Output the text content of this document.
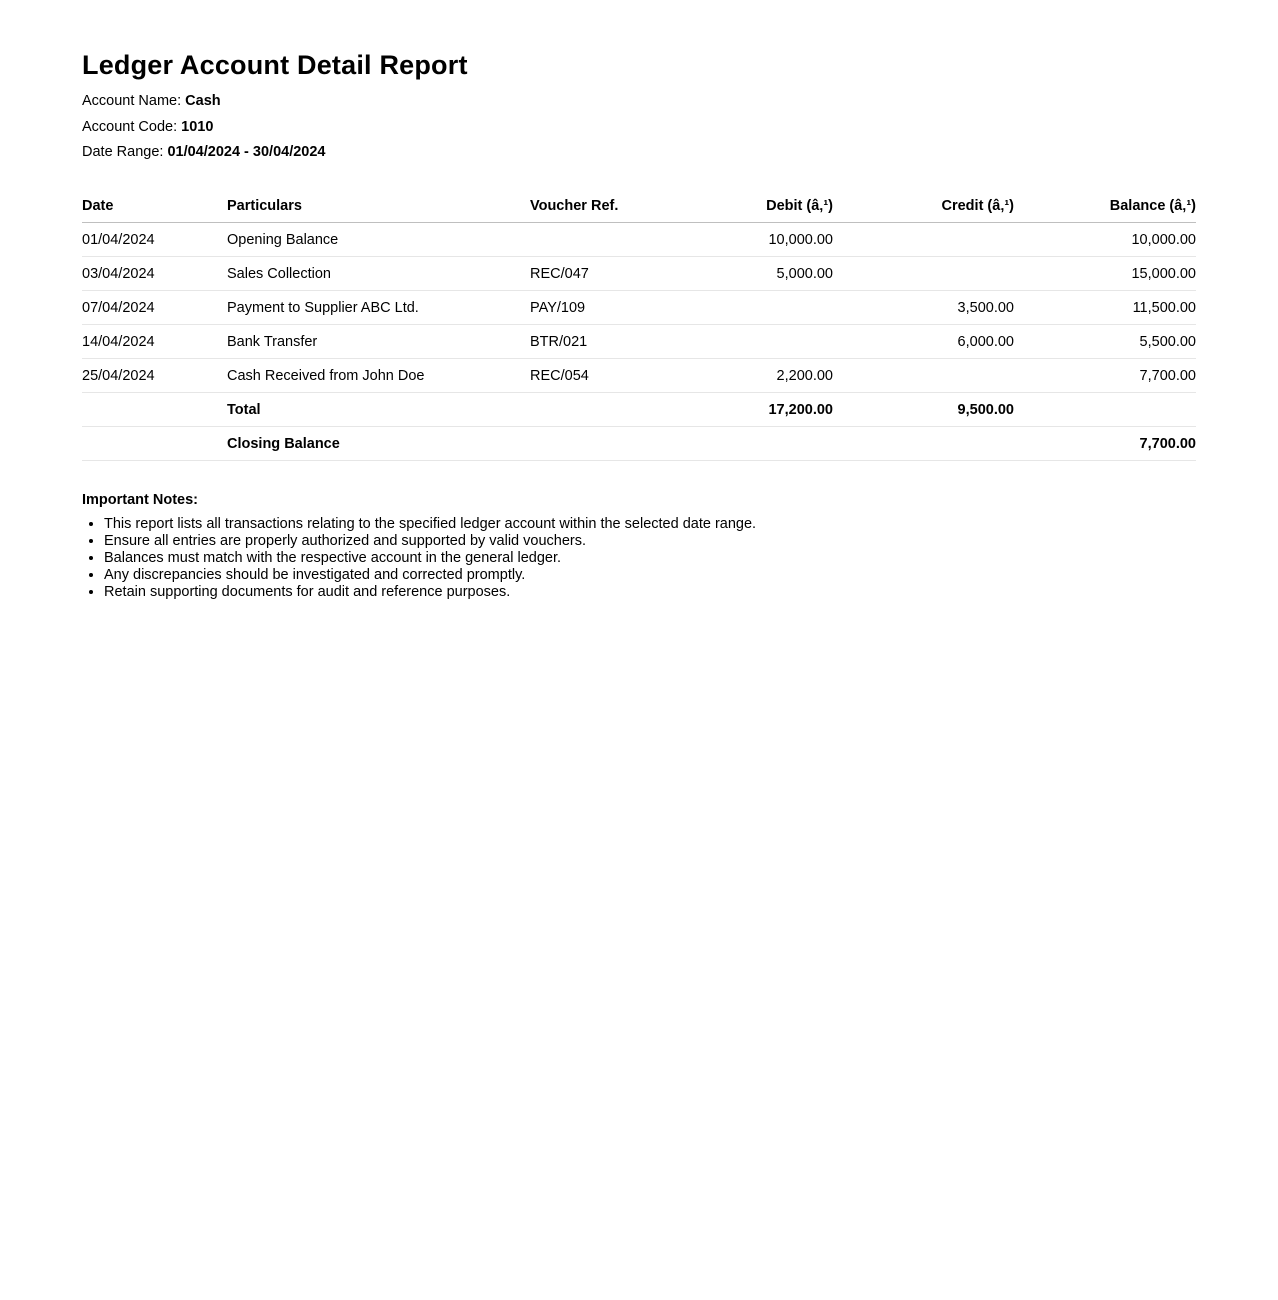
Ledger Account Detail Report
Account Name: Cash
Account Code: 1010
Date Range: 01/04/2024 - 30/04/2024
Date	Particulars	Voucher Ref.	Debit (â‚¹)	Credit (â‚¹)	Balance (â‚¹)
01/04/2024	Opening Balance		10,000.00		10,000.00
03/04/2024	Sales Collection	REC/047	5,000.00		15,000.00
07/04/2024	Payment to Supplier ABC Ltd.	PAY/109		3,500.00	11,500.00
14/04/2024	Bank Transfer	BTR/021		6,000.00	5,500.00
25/04/2024	Cash Received from John Doe	REC/054	2,200.00		7,700.00
	Total		17,200.00	9,500.00	
	Closing Balance				7,700.00
Important Notes:
• This report lists all transactions relating to the specified ledger account within the selected date range.
• Ensure all entries are properly authorized and supported by valid vouchers.
• Balances must match with the respective account in the general ledger.
• Any discrepancies should be investigated and corrected promptly.
• Retain supporting documents for audit and reference purposes.
